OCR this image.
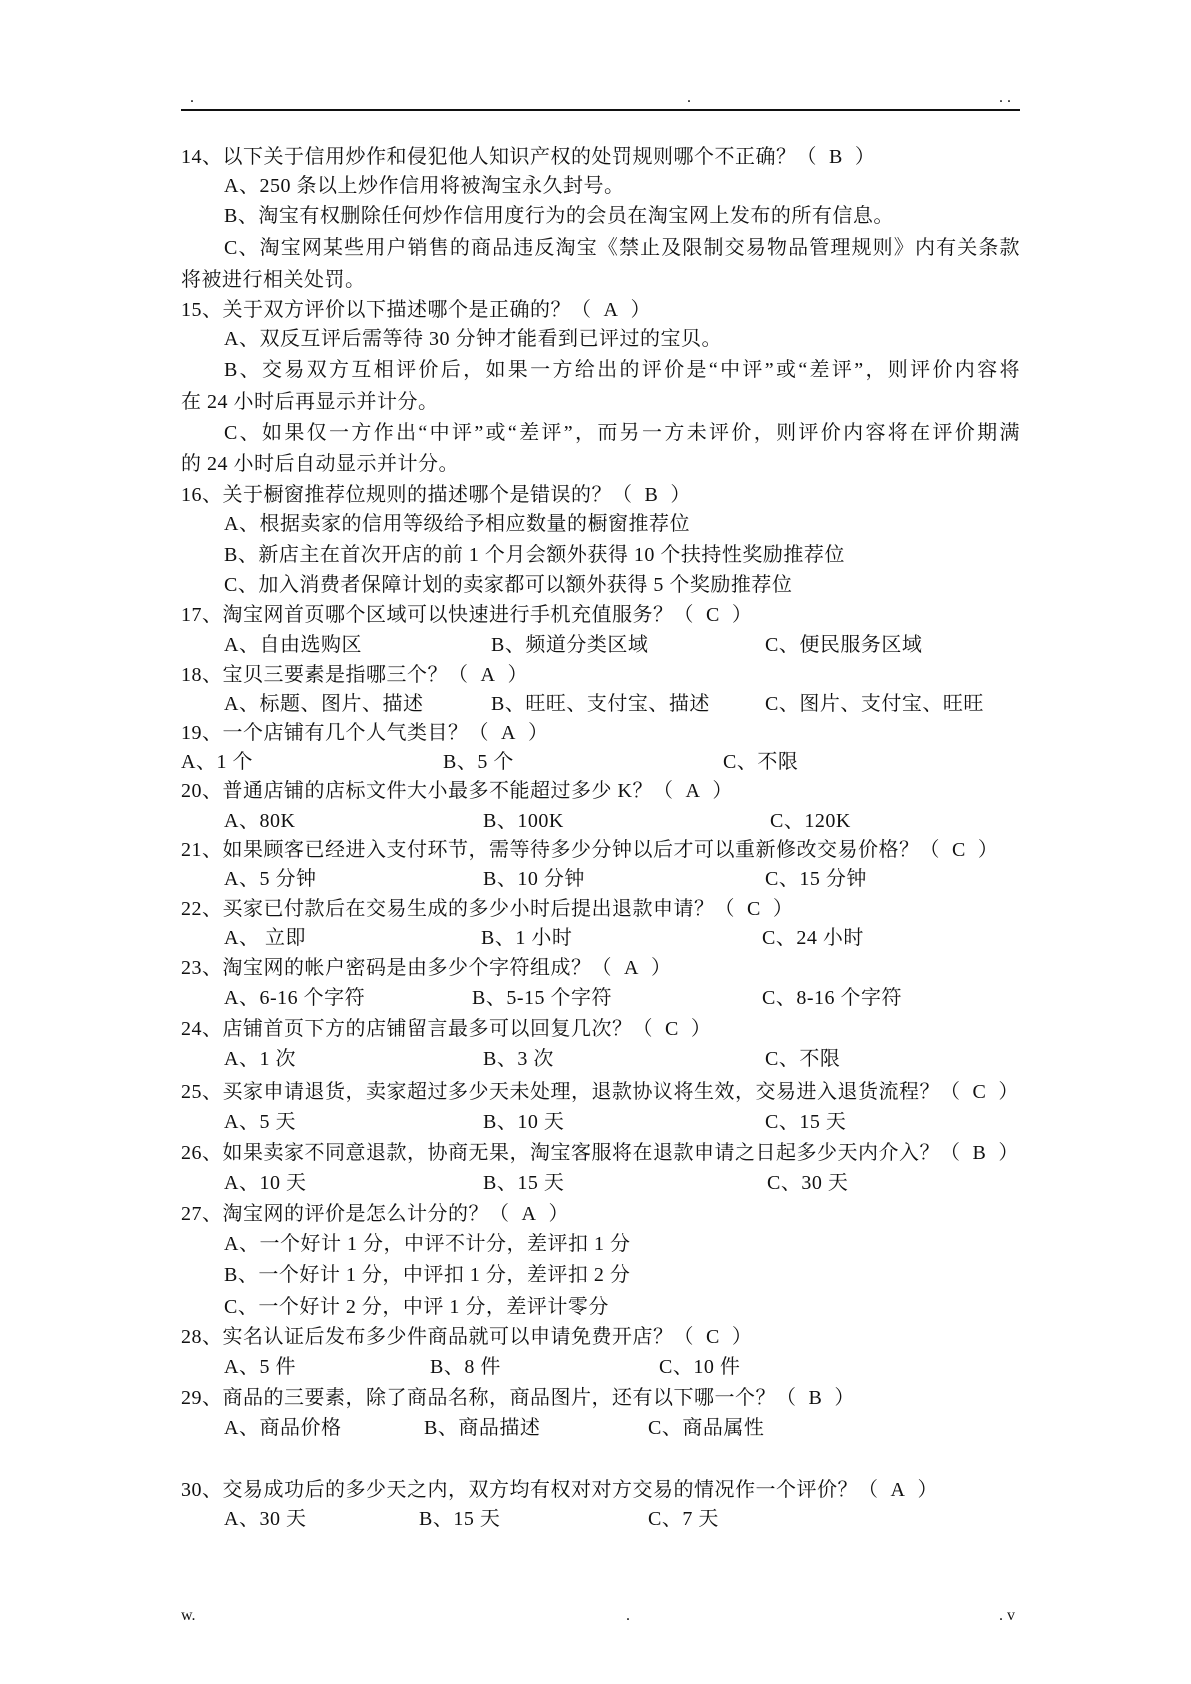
.	.	. .
w.	.	. v
14、以下关于信用炒作和侵犯他人知识产权的处罚规则哪个不正确？（ B ）
A、250 条以上炒作信用将被淘宝永久封号。
B、淘宝有权删除任何炒作信用度行为的会员在淘宝网上发布的所有信息。
C、淘宝网某些用户销售的商品违反淘宝《禁止及限制交易物品管理规则》内有关条款
将被进行相关处罚。
15、关于双方评价以下描述哪个是正确的？（ A ）
A、双反互评后需等待 30 分钟才能看到已评过的宝贝。
B、交易双方互相评价后，如果一方给出的评价是“中评”或“差评”，则评价内容将
在 24 小时后再显示并计分。
C、如果仅一方作出“中评”或“差评”，而另一方未评价，则评价内容将在评价期满
的 24 小时后自动显示并计分。
16、关于橱窗推荐位规则的描述哪个是错误的？（ B ）
A、根据卖家的信用等级给予相应数量的橱窗推荐位
B、新店主在首次开店的前 1 个月会额外获得 10 个扶持性奖励推荐位
C、加入消费者保障计划的卖家都可以额外获得 5 个奖励推荐位
17、淘宝网首页哪个区域可以快速进行手机充值服务？（ C ）
A、自由选购区	B、频道分类区域	C、便民服务区域
18、宝贝三要素是指哪三个？（ A ）
A、标题、图片、描述	B、旺旺、支付宝、描述	C、图片、支付宝、旺旺
19、一个店铺有几个人气类目？（ A ）
A、1 个	B、5 个	C、不限
20、普通店铺的店标文件大小最多不能超过多少 K？（ A ）
A、80K	B、100K	C、120K
21、如果顾客已经进入支付环节，需等待多少分钟以后才可以重新修改交易价格？（ C ）
A、5 分钟	B、10 分钟	C、15 分钟
22、买家已付款后在交易生成的多少小时后提出退款申请？（ C ）
A、 立即	B、1 小时	C、24 小时
23、淘宝网的帐户密码是由多少个字符组成？（ A ）
A、6-16 个字符	B、5-15 个字符	C、8-16 个字符
24、店铺首页下方的店铺留言最多可以回复几次？（ C ）
A、1 次	B、3 次	C、不限
25、买家申请退货，卖家超过多少天未处理，退款协议将生效，交易进入退货流程？（ C ）
A、5 天	B、10 天	C、15 天
26、如果卖家不同意退款，协商无果，淘宝客服将在退款申请之日起多少天内介入？（ B ）
A、10 天	B、15 天	C、30 天
27、淘宝网的评价是怎么计分的？（ A ）
A、一个好计 1 分，中评不计分，差评扣 1 分
B、一个好计 1 分，中评扣 1 分，差评扣 2 分
C、一个好计 2 分，中评 1 分，差评计零分
28、实名认证后发布多少件商品就可以申请免费开店？（ C ）
A、5 件	B、8 件	C、10 件
29、商品的三要素，除了商品名称，商品图片，还有以下哪一个？（ B ）
A、商品价格	B、商品描述	C、商品属性
30、交易成功后的多少天之内，双方均有权对对方交易的情况作一个评价？（ A ）
A、30 天	B、15 天	C、7 天
